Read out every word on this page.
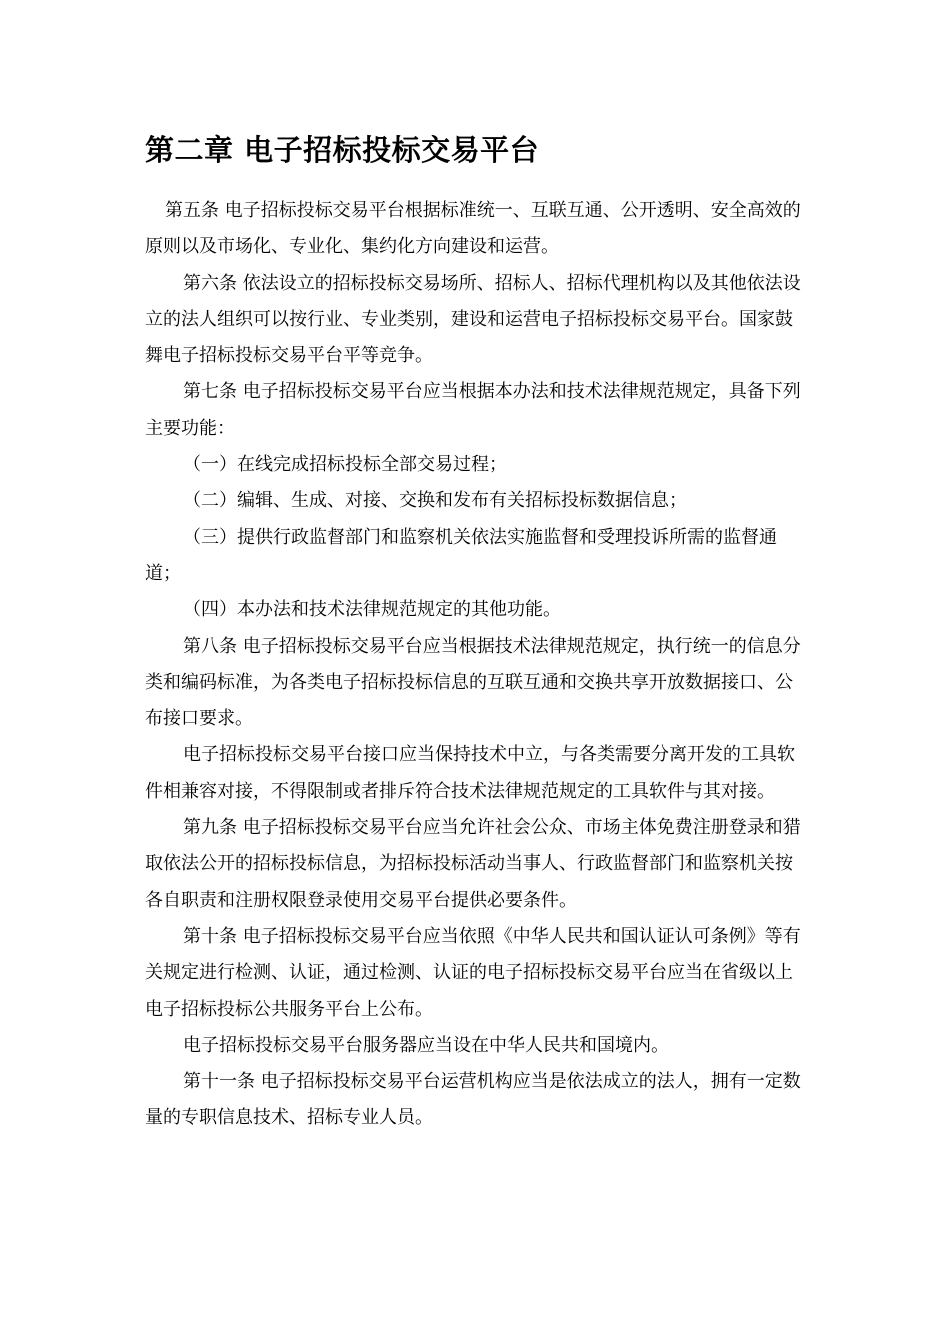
第二章 电子招标投标交易平台

第五条 电子招标投标交易平台根据标准统一、互联互通、公开透明、安全高效的原则以及市场化、专业化、集约化方向建设和运营。

第六条 依法设立的招标投标交易场所、招标人、招标代理机构以及其他依法设立的法人组织可以按行业、专业类别，建设和运营电子招标投标交易平台。国家鼓舞电子招标投标交易平台平等竞争。

第七条 电子招标投标交易平台应当根据本办法和技术法律规范规定，具备下列主要功能：

（一）在线完成招标投标全部交易过程；

（二）编辑、生成、对接、交换和发布有关招标投标数据信息；

（三）提供行政监督部门和监察机关依法实施监督和受理投诉所需的监督通道；

（四）本办法和技术法律规范规定的其他功能。

第八条 电子招标投标交易平台应当根据技术法律规范规定，执行统一的信息分类和编码标准，为各类电子招标投标信息的互联互通和交换共享开放数据接口、公布接口要求。

电子招标投标交易平台接口应当保持技术中立，与各类需要分离开发的工具软件相兼容对接，不得限制或者排斥符合技术法律规范规定的工具软件与其对接。

第九条 电子招标投标交易平台应当允许社会公众、市场主体免费注册登录和猎取依法公开的招标投标信息，为招标投标活动当事人、行政监督部门和监察机关按各自职责和注册权限登录使用交易平台提供必要条件。

第十条 电子招标投标交易平台应当依照《中华人民共和国认证认可条例》等有关规定进行检测、认证，通过检测、认证的电子招标投标交易平台应当在省级以上电子招标投标公共服务平台上公布。

电子招标投标交易平台服务器应当设在中华人民共和国境内。

第十一条 电子招标投标交易平台运营机构应当是依法成立的法人，拥有一定数量的专职信息技术、招标专业人员。
